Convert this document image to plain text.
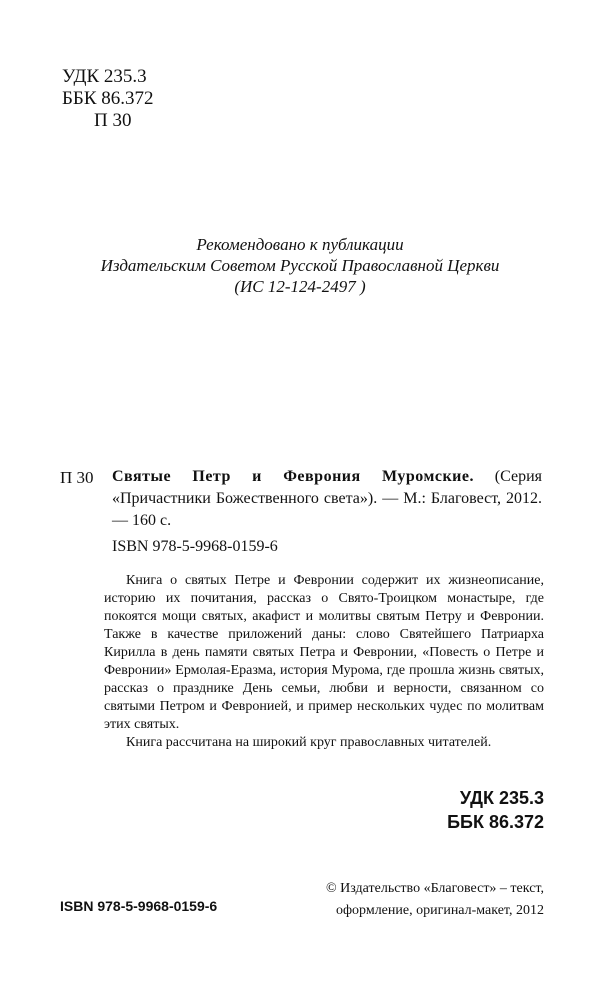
УДК 235.3
ББК 86.372
П 30
Рекомендовано к публикации
Издательским Советом Русской Православной Церкви
(ИС 12-124-2497 )
П 30 Святые Петр и Феврония Муромские. (Серия «Причастники Божественного света»). — М.: Благовест, 2012. — 160 с.
ISBN 978-5-9968-0159-6

Книга о святых Петре и Февронии содержит их жизнеописание, историю их почитания, рассказ о Свято-Троицком монастыре, где покоятся мощи святых, акафист и молитвы святым Петру и Февронии. Также в качестве приложений даны: слово Святейшего Патриарха Кирилла в день памяти святых Петра и Февронии, «Повесть о Петре и Февронии» Ермолая-Еразма, история Мурома, где прошла жизнь святых, рассказ о празднике День семьи, любви и верности, связанном со святыми Петром и Февронией, и пример нескольких чудес по молитвам этих святых.

Книга рассчитана на широкий круг православных читателей.

УДК 235.3
ББК 86.372
ISBN 978-5-9968-0159-6
© Издательство «Благовест» – текст,
оформление, оригинал-макет, 2012
